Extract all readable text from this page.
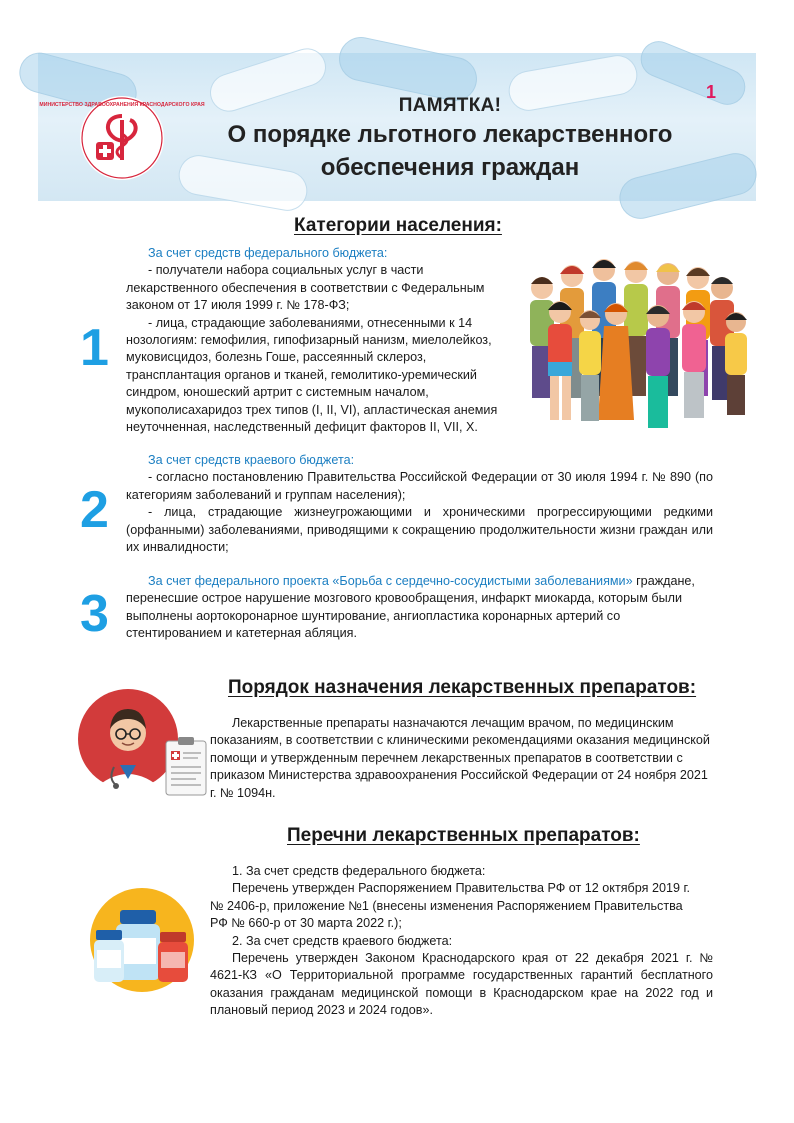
МИНИСТЕРСТВО ЗДРАВООХРАНЕНИЯ КРАСНОДАРСКОГО КРАЯ
1
ПАМЯТКА!
О порядке льготного лекарственного
обеспечения граждан
Категории населения:
1

За счет средств федерального бюджета:

- получатели набора социальных услуг в части

лекарственного обеспечения в соответствии с Федеральным

законом от 17 июля 1999 г. № 178-ФЗ;

- лица, страдающие заболеваниями, отнесенными к 14

нозологиям: гемофилия, гипофизарный нанизм, миелолейкоз,

муковисцидоз, болезнь Гоше, рассеянный склероз,

трансплантация органов и тканей, гемолитико-уремический

синдром, юношеский артрит с системным началом,

мукополисахаридоз трех типов (I, II, VI), апластическая анемия

неуточненная, наследственный дефицит факторов II, VII, X.

2

За счет средств краевого бюджета:

- согласно постановлению Правительства Российской Федерации от 30 июля 1994 г. № 890 (по категориям заболеваний и группам населения);

- лица, страдающие жизнеугрожающими и хроническими прогрессирующими редкими (орфанными) заболеваниями, приводящими к сокращению продолжительности жизни граждан или их инвалидности;

3
За счет федерального проекта «Борьба с сердечно-сосудистыми заболеваниями» граждане, перенесшие острое нарушение мозгового кровообращения, инфаркт миокарда, которым были выполнены аортокоронарное шунтирование, ангиопластика коронарных артерий со стентированием и катетерная абляция.
Порядок назначения лекарственных препаратов:
Лекарственные препараты назначаются лечащим врачом, по медицинским показаниям, в соответствии с клиническими рекомендациями оказания медицинской помощи и утвержденным перечнем лекарственных препаратов в соответствии с приказом Министерства здравоохранения Российской Федерации от 24 ноября 2021 г. № 1094н.
Перечни лекарственных препаратов:

1. За счет средств федерального бюджета:

Перечень утвержден Распоряжением Правительства РФ от 12 октября 2019 г.

№ 2406-р, приложение №1 (внесены изменения Распоряжением Правительства

РФ № 660-р от 30 марта 2022 г.);

2. За счет средств краевого бюджета:

Перечень утвержден Законом Краснодарского края от 22 декабря 2021 г. № 4621-КЗ «О Территориальной программе государственных гарантий бесплатного оказания гражданам медицинской помощи в Краснодарском крае на 2022 год и плановый период 2023 и 2024 годов».
